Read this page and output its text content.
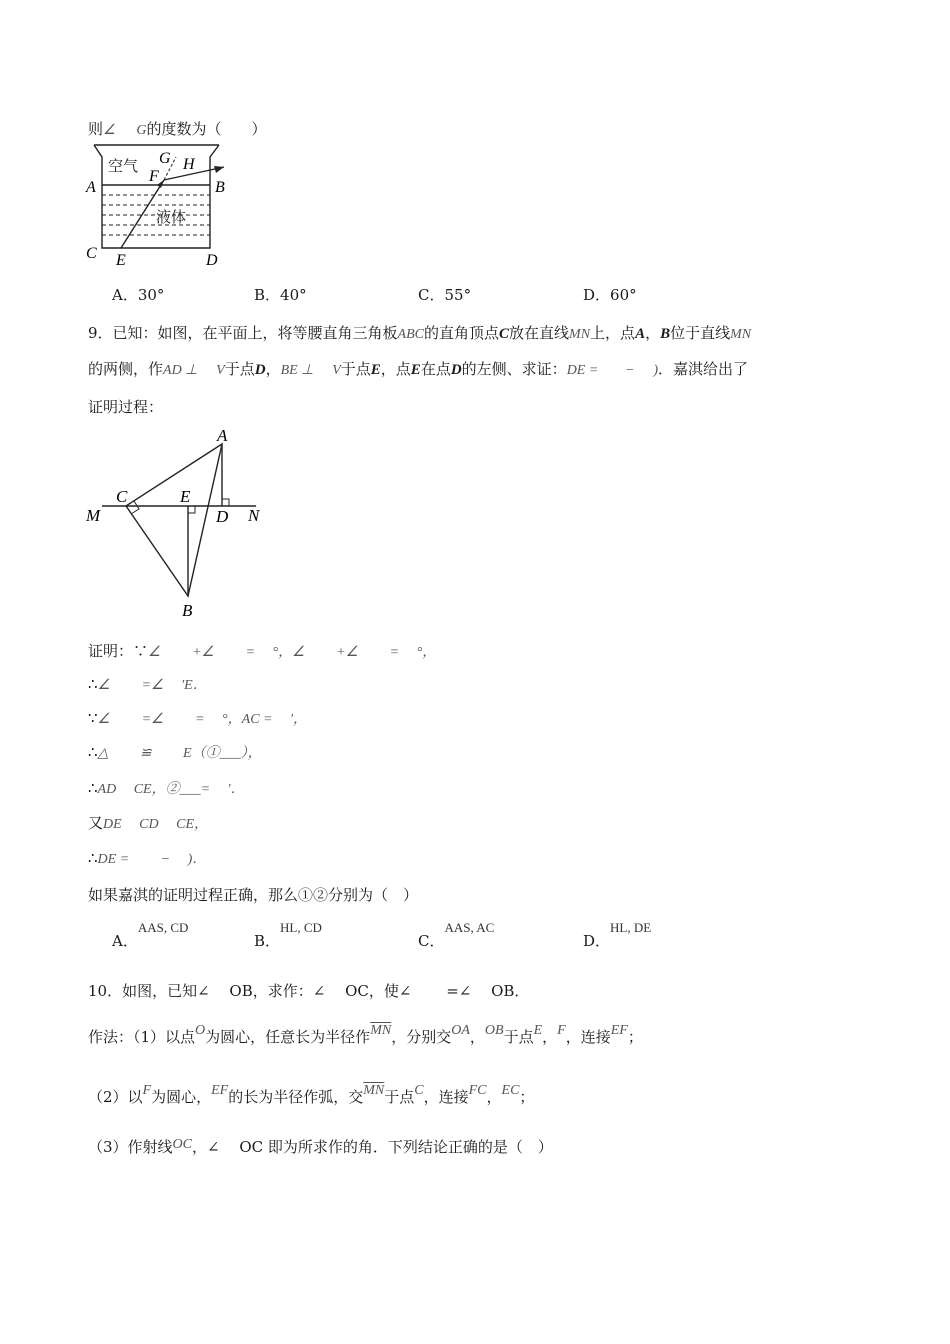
则∠ G的度数为（　　）
空气
液体
G H
F
A	B
C E	D
A．30°	B．40°	C．55°	D．60°
9．已知：如图，在平面上，将等腰直角三角板ABC的直角顶点C放在直线MN上，点A，B位于直线MN
的两侧，作AD ⊥ V于点D，BE ⊥ V于点E，点E在点D的左侧、求证：DE = − )．嘉淇给出了
证明过程：
A
C	E
M	D N
B
证明：∵∠　　 +∠　　 =　 °，∠　　 +∠　　 =　 °，
∴∠　　 =∠　 ′E．
∵∠　　 =∠　　 =　 °，AC =　 ′，
∴△　　 ≌　　 E（①___），
∴AD　 CE，②___=　 ′．
又DE　 CD　 CE，
∴DE =　　 −　 )．
如果嘉淇的证明过程正确，那么①②分别为（　）
A．AAS, CD
B．HL, CD
C．AAS, AC
D．HL, DE
10．如图，已知∠　 OB，求作：∠　 OC，使∠　　 =∠　 OB．
作法：（1）以点O为圆心，任意长为半径作$\overline{MN}$，分别交OA，OB于点E，F，连接EF；
（2）以F为圆心，EF的长为半径作弧，交$\overline{MN}$于点C，连接FC，EC；
（3）作射线OC，∠　 OC 即为所求作的角．下列结论正确的是（　）
